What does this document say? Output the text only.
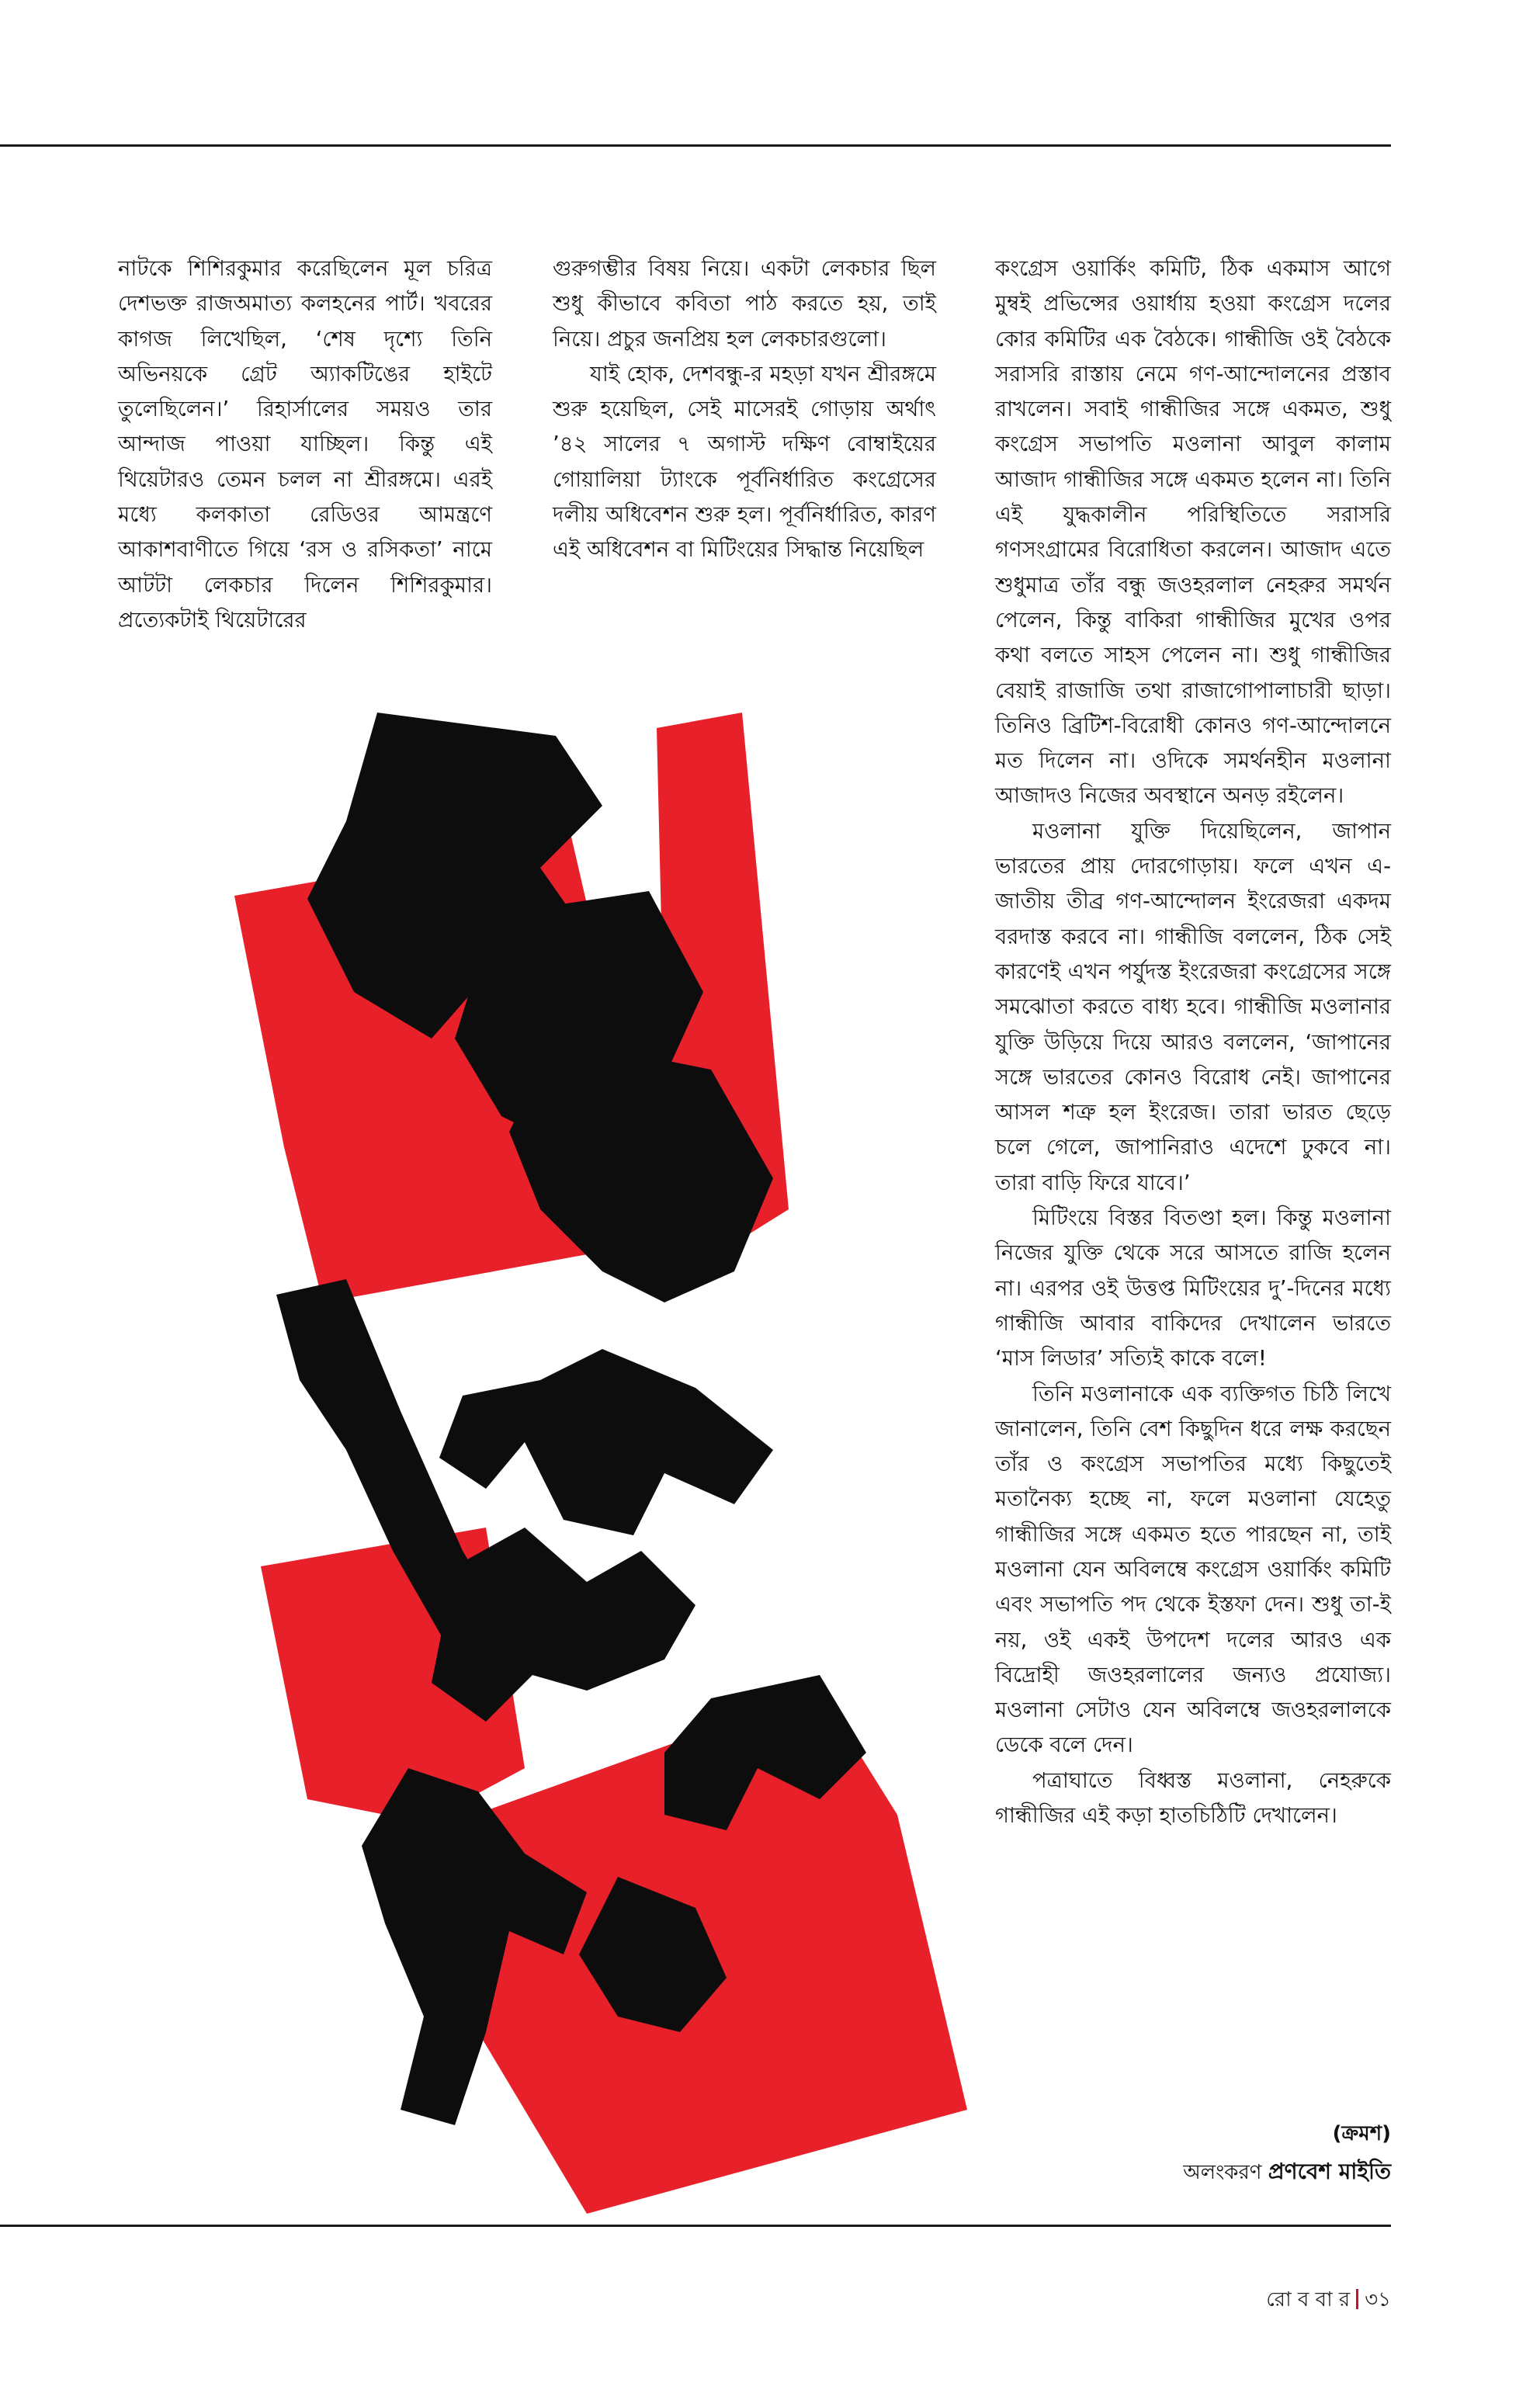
নাটকে শিশিরকুমার করেছিলেন মূল চরিত্র দেশভক্ত রাজঅমাত্য কলহনের পার্ট। খবরের কাগজ লিখেছিল, ‘শেষ দৃশ্যে তিনি অভিনয়কে গ্রেট অ্যাকটিঙের হাইটে তুলেছিলেন।’ রিহার্সালের সময়ও তার আন্দাজ পাওয়া যাচ্ছিল। কিন্তু এই থিয়েটারও তেমন চলল না শ্রীরঙ্গমে। এরই মধ্যে কলকাতা রেডিওর আমন্ত্রণে আকাশবাণীতে গিয়ে ‘রস ও রসিকতা’ নামে আটটা লেকচার দিলেন শিশিরকুমার। প্রত্যেকটাই থিয়েটারের

গুরুগম্ভীর বিষয় নিয়ে। একটা লেকচার ছিল শুধু কীভাবে কবিতা পাঠ করতে হয়, তাই নিয়ে। প্রচুর জনপ্রিয় হল লেকচারগুলো।

যাই হোক, দেশবন্ধু-র মহড়া যখন শ্রীরঙ্গমে শুরু হয়েছিল, সেই মাসেরই গোড়ায় অর্থাৎ ’৪২ সালের ৭ অগাস্ট দক্ষিণ বোম্বাইয়ের গোয়ালিয়া ট্যাংকে পূর্বনির্ধারিত কংগ্রেসের দলীয় অধিবেশন শুরু হল। পূর্বনির্ধারিত, কারণ এই অধিবেশন বা মিটিংয়ের সিদ্ধান্ত নিয়েছিল

কংগ্রেস ওয়ার্কিং কমিটি, ঠিক একমাস আগে মুম্বই প্রভিন্সের ওয়ার্ধায় হওয়া কংগ্রেস দলের কোর কমিটির এক বৈঠকে। গান্ধীজি ওই বৈঠকে সরাসরি রাস্তায় নেমে গণ-আন্দোলনের প্রস্তাব রাখলেন। সবাই গান্ধীজির সঙ্গে একমত, শুধু কংগ্রেস সভাপতি মওলানা আবুল কালাম আজাদ গান্ধীজির সঙ্গে একমত হলেন না। তিনি এই যুদ্ধকালীন পরিস্থিতিতে সরাসরি গণসংগ্রামের বিরোধিতা করলেন। আজাদ এতে শুধুমাত্র তাঁর বন্ধু জওহরলাল নেহরুর সমর্থন পেলেন, কিন্তু বাকিরা গান্ধীজির মুখের ওপর কথা বলতে সাহস পেলেন না। শুধু গান্ধীজির বেয়াই রাজাজি তথা রাজাগোপালাচারী ছাড়া। তিনিও ব্রিটিশ-বিরোধী কোনও গণ-আন্দোলনে মত দিলেন না। ওদিকে সমর্থনহীন মওলানা আজাদও নিজের অবস্থানে অনড় রইলেন।

মওলানা যুক্তি দিয়েছিলেন, জাপান ভারতের প্রায় দোরগোড়ায়। ফলে এখন এ-জাতীয় তীব্র গণ-আন্দোলন ইংরেজরা একদম বরদাস্ত করবে না। গান্ধীজি বললেন, ঠিক সেই কারণেই এখন পর্যুদস্ত ইংরেজরা কংগ্রেসের সঙ্গে সমঝোতা করতে বাধ্য হবে। গান্ধীজি মওলানার যুক্তি উড়িয়ে দিয়ে আরও বললেন, ‘জাপানের সঙ্গে ভারতের কোনও বিরোধ নেই। জাপানের আসল শত্রু হল ইংরেজ। তারা ভারত ছেড়ে চলে গেলে, জাপানিরাও এদেশে ঢুকবে না। তারা বাড়ি ফিরে যাবে।’

মিটিংয়ে বিস্তর বিতণ্ডা হল। কিন্তু মওলানা নিজের যুক্তি থেকে সরে আসতে রাজি হলেন না। এরপর ওই উত্তপ্ত মিটিংয়ের দু’-দিনের মধ্যে গান্ধীজি আবার বাকিদের দেখালেন ভারতে ‘মাস লিডার’ সত্যিই কাকে বলে!

তিনি মওলানাকে এক ব্যক্তিগত চিঠি লিখে জানালেন, তিনি বেশ কিছুদিন ধরে লক্ষ করছেন তাঁর ও কংগ্রেস সভাপতির মধ্যে কিছুতেই মতানৈক্য হচ্ছে না, ফলে মওলানা যেহেতু গান্ধীজির সঙ্গে একমত হতে পারছেন না, তাই মওলানা যেন অবিলম্বে কংগ্রেস ওয়ার্কিং কমিটি এবং সভাপতি পদ থেকে ইস্তফা দেন। শুধু তা-ই নয়, ওই একই উপদেশ দলের আরও এক বিদ্রোহী জওহরলালের জন্যও প্রযোজ্য। মওলানা সেটাও যেন অবিলম্বে জওহরলালকে ডেকে বলে দেন।

পত্রাঘাতে বিধ্বস্ত মওলানা, নেহরুকে গান্ধীজির এই কড়া হাতচিঠিটি দেখালেন।

(ক্রমশ)
অলংকরণ প্রণবেশ মাইতি
রো ব বা র ৩১
